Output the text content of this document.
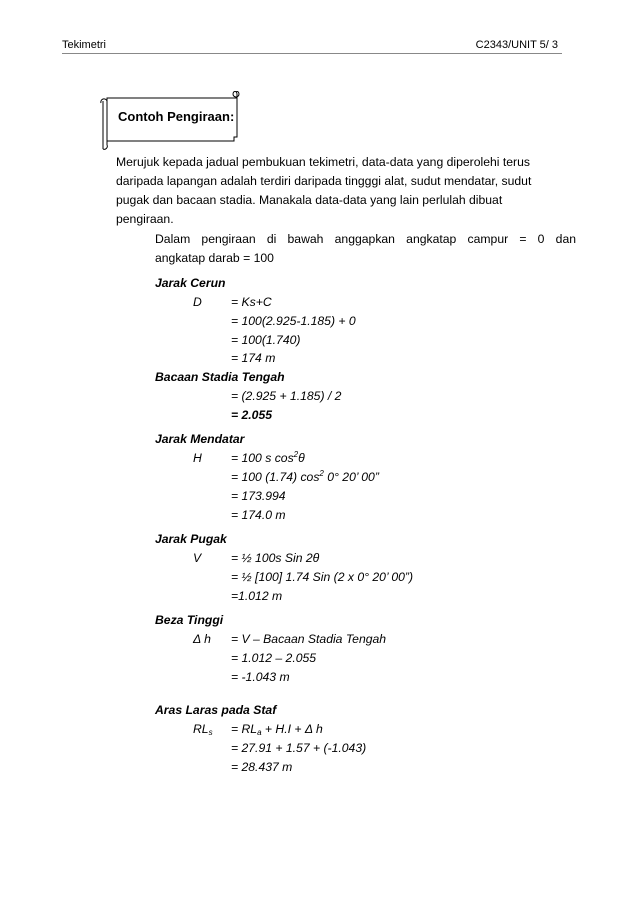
Tekimetri	C2343/UNIT 5/ 3
Contoh Pengiraan:
Merujuk kepada jadual pembukuan tekimetri, data-data yang diperolehi terus
daripada lapangan adalah terdiri daripada tingggi alat, sudut mendatar, sudut
pugak dan bacaan stadia. Manakala data-data yang lain perlulah dibuat
pengiraan.
Dalam pengiraan di bawah anggapkan angkatap campur = 0 dan
angkatap darab = 100
Jarak Cerun
D = Ks+C
= 100(2.925-1.185) + 0
= 100(1.740)
= 174 m
Bacaan Stadia Tengah
= (2.925 + 1.185) / 2
= 2.055
Jarak Mendatar
H = 100 s $\cos^2\theta$
= 100 (1.74) $\cos^2 0^\circ$ 20’ 00”
= 173.994
= 174.0 m
Jarak Pugak
V = ½ 100s Sin 2θ
= ½ [100] 1.74 Sin (2 x 0° 20’ 00”)
=1.012 m
Beza Tinggi
Δ h = V – Bacaan Stadia Tengah
= 1.012 – 2.055
= -1.043 m
Aras Laras pada Staf
$RL_s = RL_a + H.I + \Delta$ h
= 27.91 + 1.57 + (-1.043)
= 28.437 m
